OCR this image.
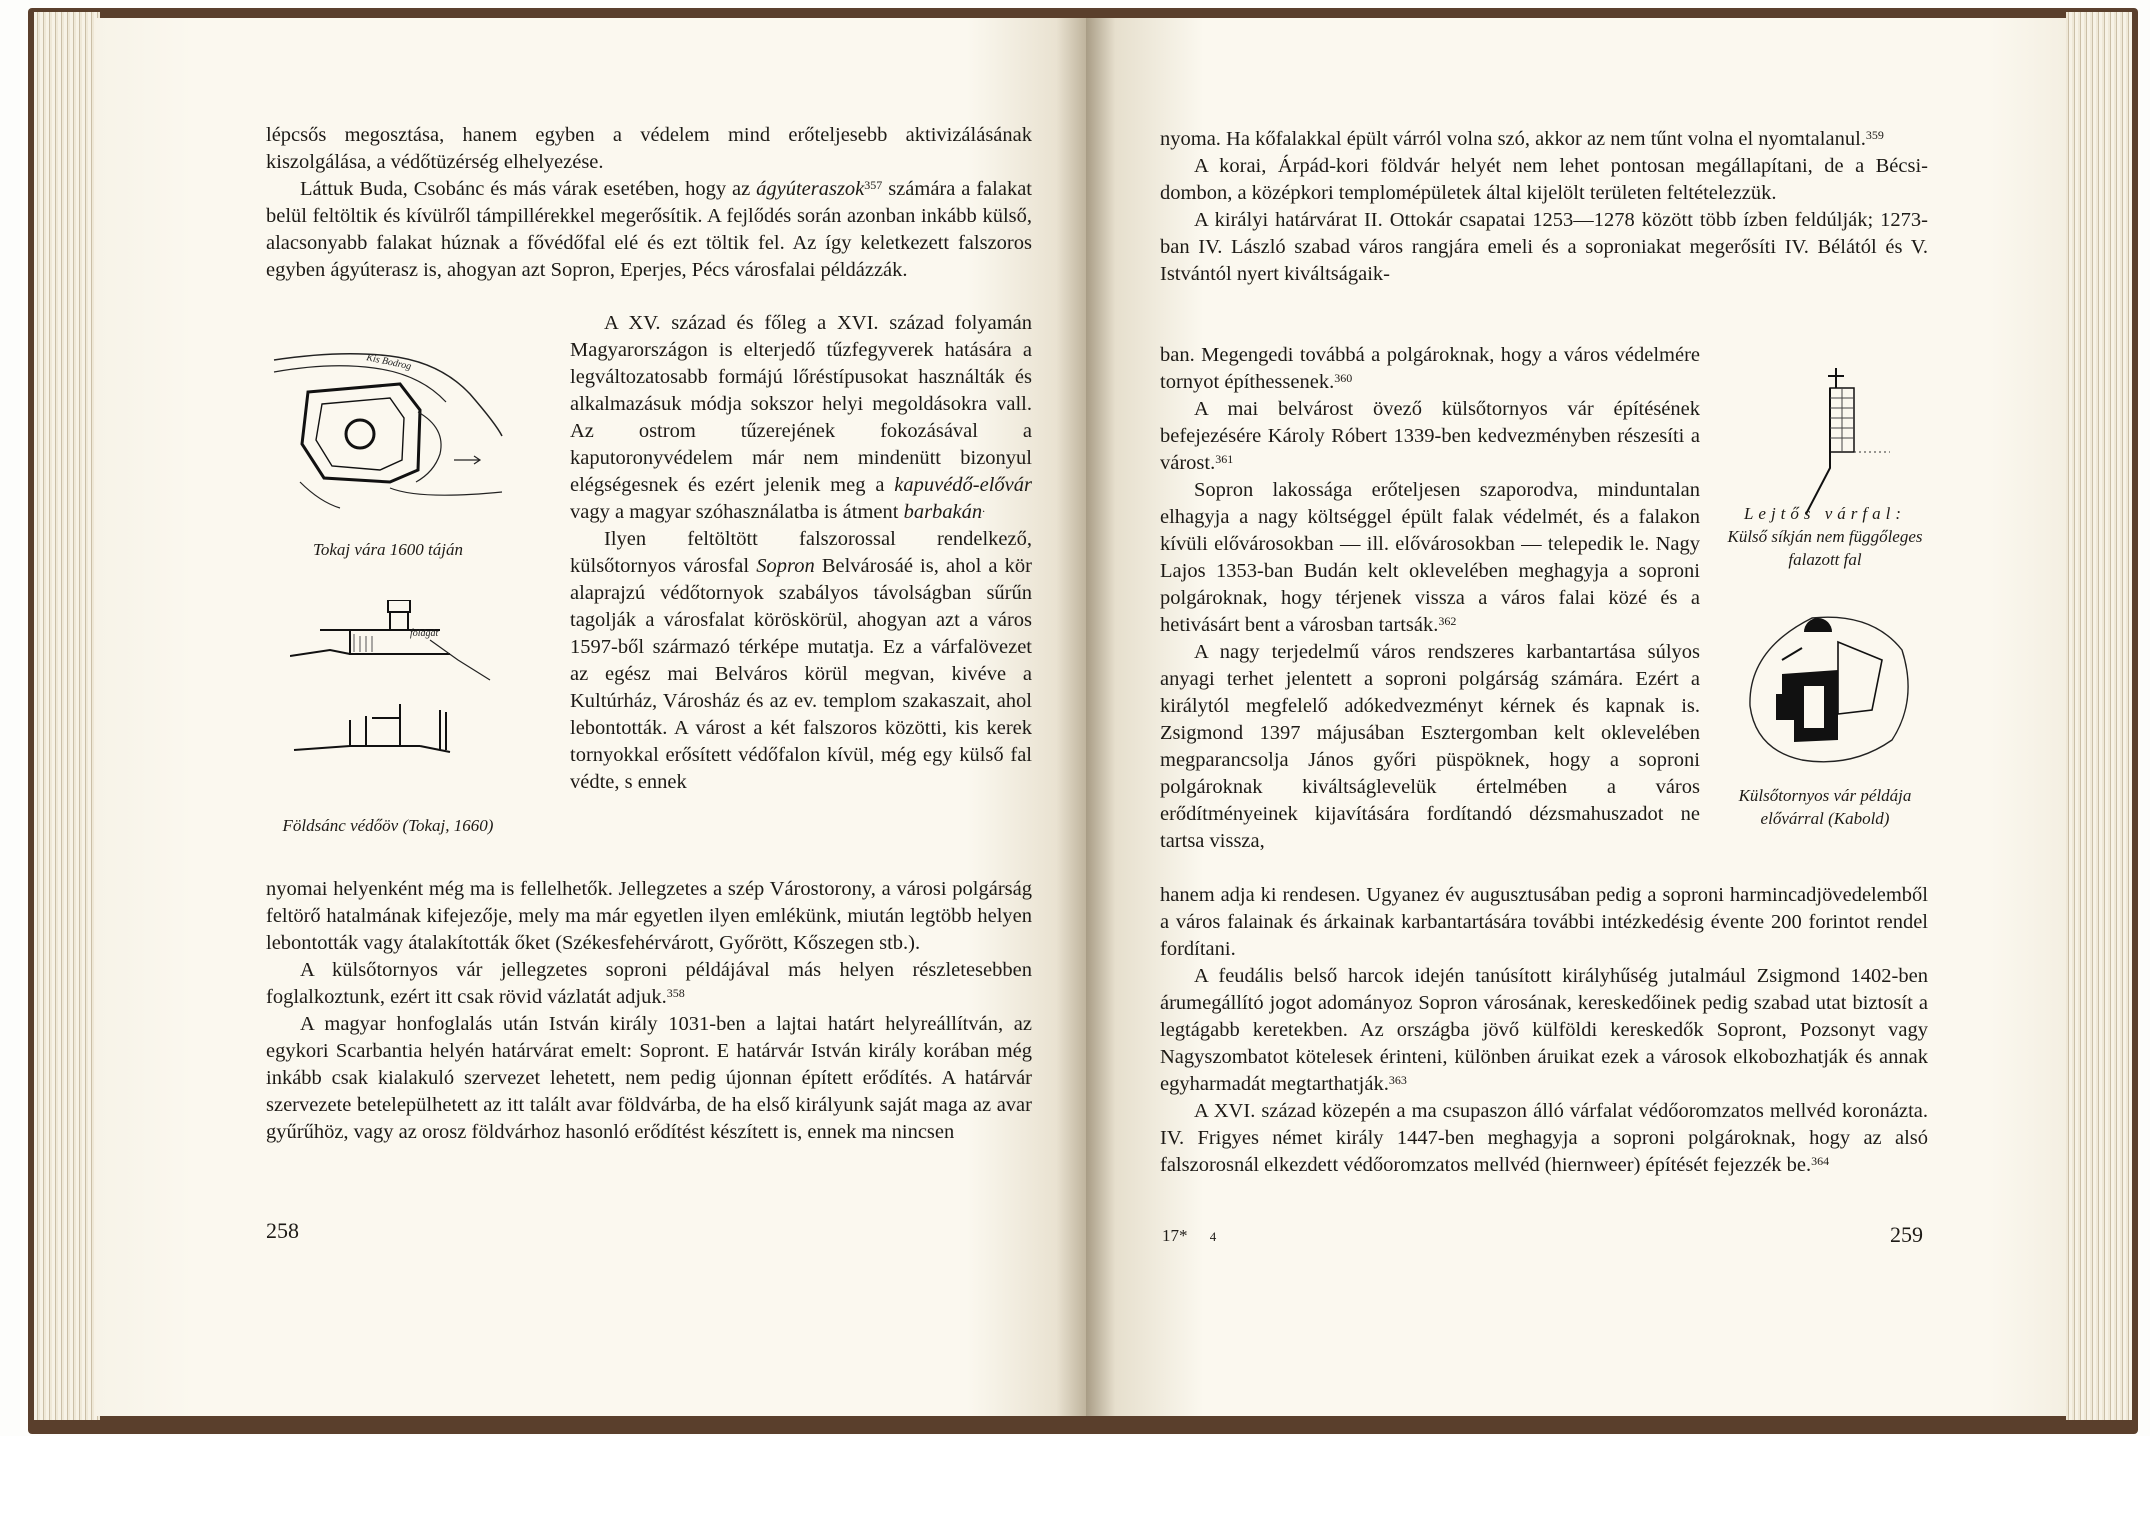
lépcsős megosztása, hanem egyben a védelem mind erőteljesebb aktivizálásának kiszolgálása, a védőtüzérség elhelyezése.

Láttuk Buda, Csobánc és más várak esetében, hogy az ágyúteraszok$^{357}$ számára a falakat belül feltöltik és kívülről támpillérekkel megerősítik. A fejlődés során azonban inkább külső, alacsonyabb falakat húznak a fővédőfal elé és ezt töltik fel. Az így keletkezett falszoros egyben ágyúterasz is, ahogyan azt Sopron, Eperjes, Pécs városfalai példázzák.

A XV. század és főleg a XVI. század folyamán Magyarországon is elterjedő tűzfegyverek hatására a legváltozatosabb formájú lőréstípusokat használták és alkalmazásuk módja sokszor helyi megoldásokra vall. Az ostrom tűzerejének fokozásával a kaputoronyvédelem már nem mindenütt bizonyul elégségesnek és ezért jelenik meg a kapuvédő-elővár vagy a magyar szóhasználatba is átment barbakán.

Ilyen feltöltött falszorossal rendelkező, külsőtornyos városfal Sopron Belvárosáé is, ahol a kör alaprajzú védőtornyok szabályos távolságban sűrűn tagolják a városfalat köröskörül, ahogyan azt a város 1597-ből származó térképe mutatja. Ez a várfalövezet az egész mai Belváros körül megvan, kivéve a Kultúrház, Városház és az ev. templom szakaszait, ahol lebontották. A várost a két falszoros közötti, kis kerek tornyokkal erősített védőfalon kívül, még egy külső fal védte, s ennek

nyomai helyenként még ma is fellelhetők. Jellegzetes a szép Várostorony, a városi polgárság feltörő hatalmának kifejezője, mely ma már egyetlen ilyen emlékünk, miután legtöbb helyen lebontották vagy átalakították őket (Székesfehérvárott, Győrött, Kőszegen stb.).

A külsőtornyos vár jellegzetes soproni példájával más helyen részletesebben foglalkoztunk, ezért itt csak rövid vázlatát adjuk.$^{358}$

A magyar honfoglalás után István király 1031-ben a lajtai határt helyreállítván, az egykori Scarbantia helyén határvárat emelt: Sopront. E határvár István király korában még inkább csak kialakuló szervezet lehetett, nem pedig újonnan épített erődítés. A határvár szervezete betelepülhetett az itt talált avar földvárba, de ha első királyunk saját maga az avar gyűrűhöz, vagy az orosz földvárhoz hasonló erődítést készített is, ennek ma nincsen

258
Kis Bodrog
Tokaj vára 1600 táján
földgát
Földsánc védőöv (Tokaj, 1660)

nyoma. Ha kőfalakkal épült várról volna szó, akkor az nem tűnt volna el nyomtalanul.$^{359}$

A korai, Árpád-kori földvár helyét nem lehet pontosan megállapítani, de a Bécsi-dombon, a középkori templomépületek által kijelölt területen feltételezzük.

A királyi határvárat II. Ottokár csapatai 1253—1278 között több ízben feldúlják; 1273-ban IV. László szabad város rangjára emeli és a soproniakat megerősíti IV. Bélától és V. Istvántól nyert kiváltságaik-

ban. Megengedi továbbá a polgároknak, hogy a város védelmére tornyot építhessenek.$^{360}$

A mai belvárost övező külsőtornyos vár építésének befejezésére Károly Róbert 1339-ben kedvezményben részesíti a várost.$^{361}$

Sopron lakossága erőteljesen szaporodva, minduntalan elhagyja a nagy költséggel épült falak védelmét, és a falakon kívüli elővárosokban — ill. elővárosokban — telepedik le. Nagy Lajos 1353-ban Budán kelt oklevelében meghagyja a soproni polgároknak, hogy térjenek vissza a város falai közé és a hetivásárt bent a városban tartsák.$^{362}$

A nagy terjedelmű város rendszeres karbantartása súlyos anyagi terhet jelentett a soproni polgárság számára. Ezért a királytól megfelelő adókedvezményt kérnek és kapnak is. Zsigmond 1397 májusában Esztergomban kelt oklevelében megparancsolja János győri püspöknek, hogy a soproni polgároknak kiváltságlevelük értelmében a város erődítményeinek kijavítására fordítandó dézsmahuszadot ne tartsa vissza,

hanem adja ki rendesen. Ugyanez év augusztusában pedig a soproni harmincadjövedelemből a város falainak és árkainak karbantartására további intézkedésig évente 200 forintot rendel fordítani.

A feudális belső harcok idején tanúsított királyhűség jutalmául Zsigmond 1402-ben árumegállító jogot adományoz Sopron városának, kereskedőinek pedig szabad utat biztosít a legtágabb keretekben. Az országba jövő külföldi kereskedők Sopront, Pozsonyt vagy Nagyszombatot kötelesek érinteni, különben áruikat ezek a városok elkobozhatják és annak egyharmadát megtarthatják.$^{363}$

A XVI. század közepén a ma csupaszon álló várfalat védőoromzatos mellvéd koronázta. IV. Frigyes német király 1447-ben meghagyja a soproni polgároknak, hogy az alsó falszorosnál elkezdett védőoromzatos mellvéd (hiernweer) építését fejezzék be.$^{364}$

17* 4	259
Lejtős várfal:
Külső síkján nem függőleges falazott fal
Külsőtornyos vár példája elővárral (Kabold)
